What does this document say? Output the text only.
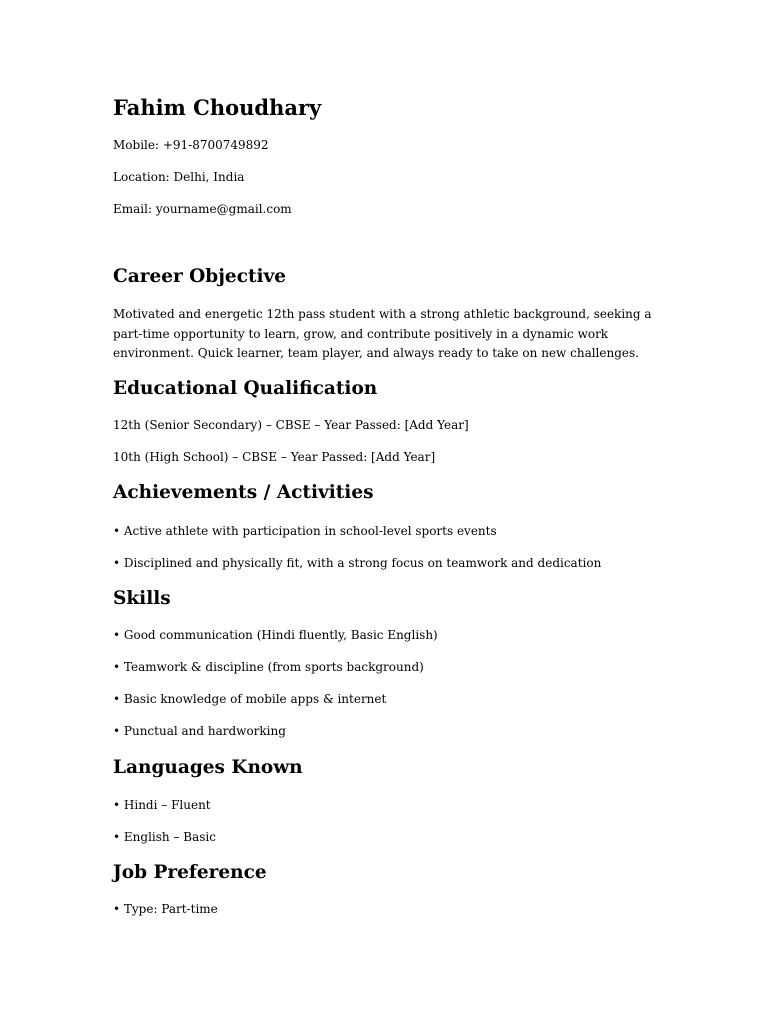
Fahim Choudhary

Mobile: +91-8700749892

Location: Delhi, India

Email: yourname@gmail.com

Career Objective

Motivated and energetic 12th pass student with a strong athletic background, seeking a part-time opportunity to learn, grow, and contribute positively in a dynamic work environment. Quick learner, team player, and always ready to take on new challenges.

Educational Qualification

12th (Senior Secondary) – CBSE – Year Passed: [Add Year]

10th (High School) – CBSE – Year Passed: [Add Year]

Achievements / Activities

• Active athlete with participation in school-level sports events

• Disciplined and physically fit, with a strong focus on teamwork and dedication

Skills

• Good communication (Hindi fluently, Basic English)

• Teamwork & discipline (from sports background)

• Basic knowledge of mobile apps & internet

• Punctual and hardworking

Languages Known

• Hindi – Fluent

• English – Basic

Job Preference

• Type: Part-time
